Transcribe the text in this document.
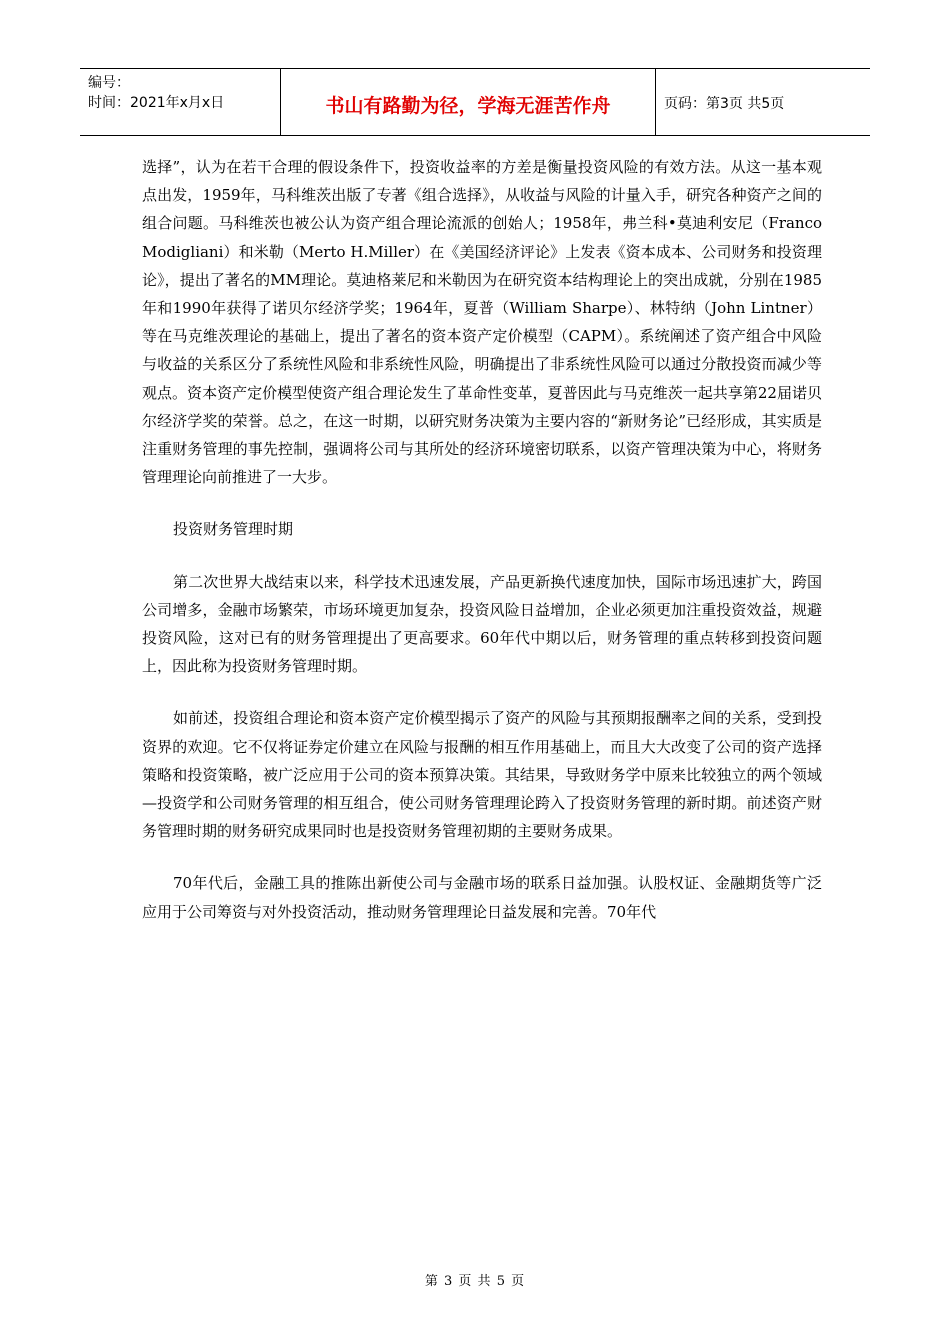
编号：
时间：2021年x月x日	书山有路勤为径，学海无涯苦作舟	页码：第3页 共5页

选择”，认为在若干合理的假设条件下，投资收益率的方差是衡量投资风险的有效方法。从这一基本观点出发，1959年，马科维茨出版了专著《组合选择》，从收益与风险的计量入手，研究各种资产之间的组合问题。马科维茨也被公认为资产组合理论流派的创始人；1958年，弗兰科•莫迪利安尼（Franco Modigliani）和米勒（Merto H.Miller）在《美国经济评论》上发表《资本成本、公司财务和投资理论》，提出了著名的MM理论。莫迪格莱尼和米勒因为在研究资本结构理论上的突出成就，分别在1985年和1990年获得了诺贝尔经济学奖；1964年，夏普（William Sharpe）、林特纳（John Lintner）等在马克维茨理论的基础上，提出了著名的资本资产定价模型（CAPM）。系统阐述了资产组合中风险与收益的关系区分了系统性风险和非系统性风险，明确提出了非系统性风险可以通过分散投资而减少等观点。资本资产定价模型使资产组合理论发生了革命性变革，夏普因此与马克维茨一起共享第22届诺贝尔经济学奖的荣誉。总之，在这一时期，以研究财务决策为主要内容的“新财务论”已经形成，其实质是注重财务管理的事先控制，强调将公司与其所处的经济环境密切联系，以资产管理决策为中心，将财务管理理论向前推进了一大步。

投资财务管理时期

第二次世界大战结束以来，科学技术迅速发展，产品更新换代速度加快，国际市场迅速扩大，跨国公司增多，金融市场繁荣，市场环境更加复杂，投资风险日益增加，企业必须更加注重投资效益，规避投资风险，这对已有的财务管理提出了更高要求。60年代中期以后，财务管理的重点转移到投资问题上，因此称为投资财务管理时期。

如前述，投资组合理论和资本资产定价模型揭示了资产的风险与其预期报酬率之间的关系，受到投资界的欢迎。它不仅将证券定价建立在风险与报酬的相互作用基础上，而且大大改变了公司的资产选择策略和投资策略，被广泛应用于公司的资本预算决策。其结果，导致财务学中原来比较独立的两个领域—投资学和公司财务管理的相互组合，使公司财务管理理论跨入了投资财务管理的新时期。前述资产财务管理时期的财务研究成果同时也是投资财务管理初期的主要财务成果。

70年代后，金融工具的推陈出新使公司与金融市场的联系日益加强。认股权证、金融期货等广泛应用于公司筹资与对外投资活动，推动财务管理理论日益发展和完善。70年代

第 3 页 共 5 页
